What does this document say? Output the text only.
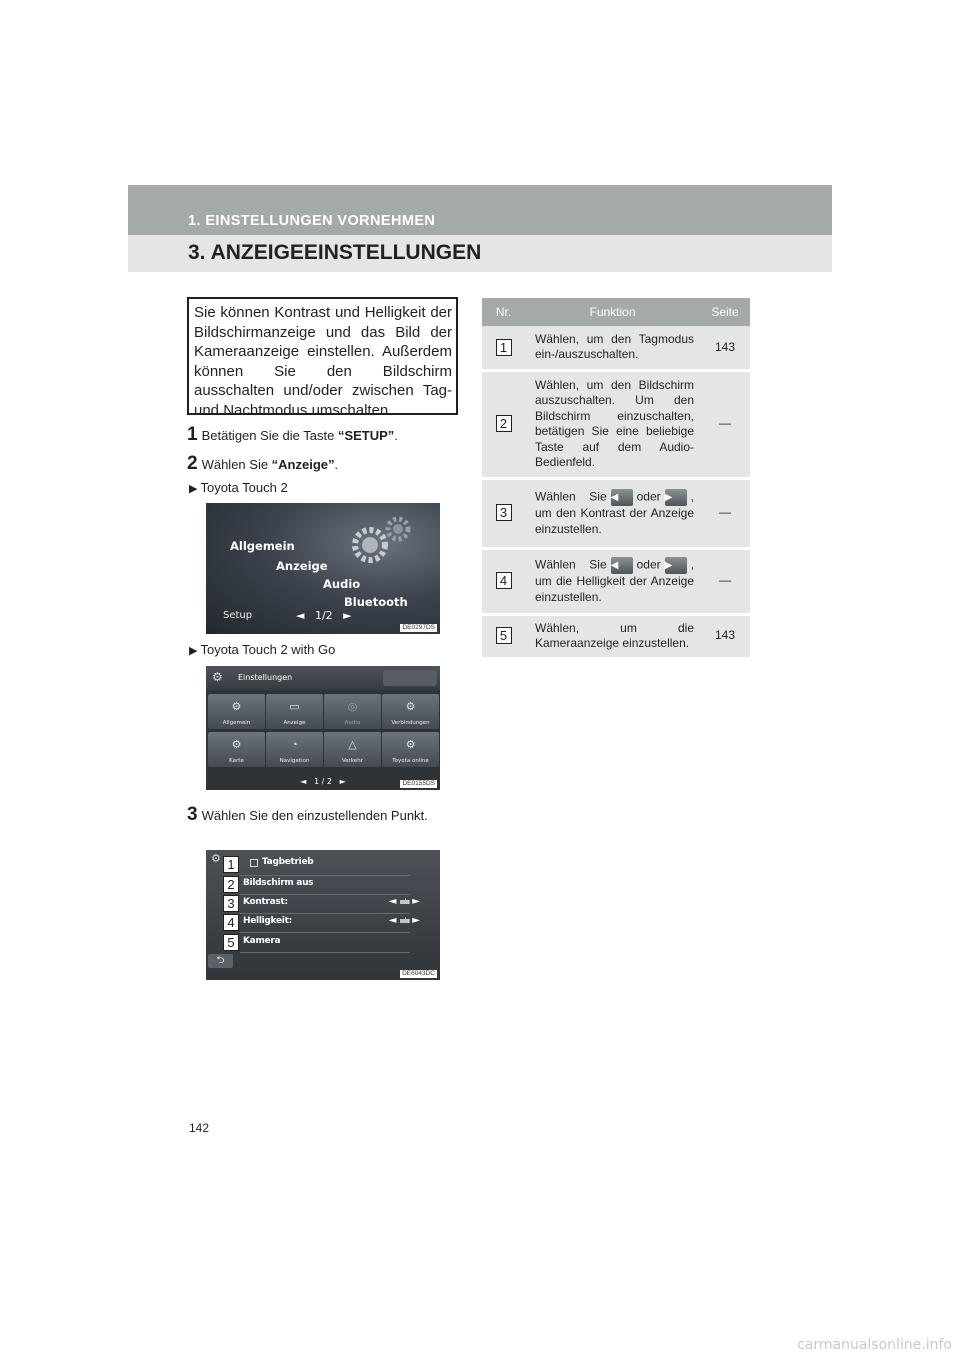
1. EINSTELLUNGEN VORNEHMEN
3. ANZEIGEEINSTELLUNGEN
Sie können Kontrast und Helligkeit der Bildschirmanzeige und das Bild der Kameraanzeige einstellen. Außerdem können Sie den Bildschirm ausschalten und/oder zwischen Tag- und Nachtmodus umschalten.
1 Betätigen Sie die Taste “SETUP”.
2 Wählen Sie “Anzeige”.
▶ Toyota Touch 2
Allgemein
Anzeige
Audio
Bluetooth
Setup	◄ 1/2 ►
DE0297DS
▶ Toyota Touch 2 with Go
⚙ Einstellungen
⚙
Allgemein
▭
Anzeige
◎
Audio
⚙
Verbindungen
⚙
Karte
◔
Navigation
△
Verkehr
⚙
Toyota online
◄ 1 / 2 ►	DE0155DS
3 Wählen Sie den einzustellenden Punkt.
⚙	Tagbetrieb
Bildschirm aus
Kontrast:	◄ ııııılıııı ►
Helligkeit:	◄ ııııılıııı ►
Kamera
1
2
3
4
5
⮌
DE6043DC
Nr.	Funktion	Seite
1	Wählen, um den Tagmodus ein-/auszuschalten.	143
2	Wählen, um den Bildschirm auszuschalten. Um den Bildschirm einzuschalten, betätigen Sie eine beliebige Taste auf dem Audio-Bedienfeld.	—
3	Wählen Sie ◀ oder ▶ , um den Kontrast der Anzeige einzustellen.	—
4	Wählen Sie ◀ oder ▶ , um die Helligkeit der Anzeige einzustellen.	—
5	Wählen, um die Kameraanzeige einzustellen.	143
142
carmanualsonline.info
